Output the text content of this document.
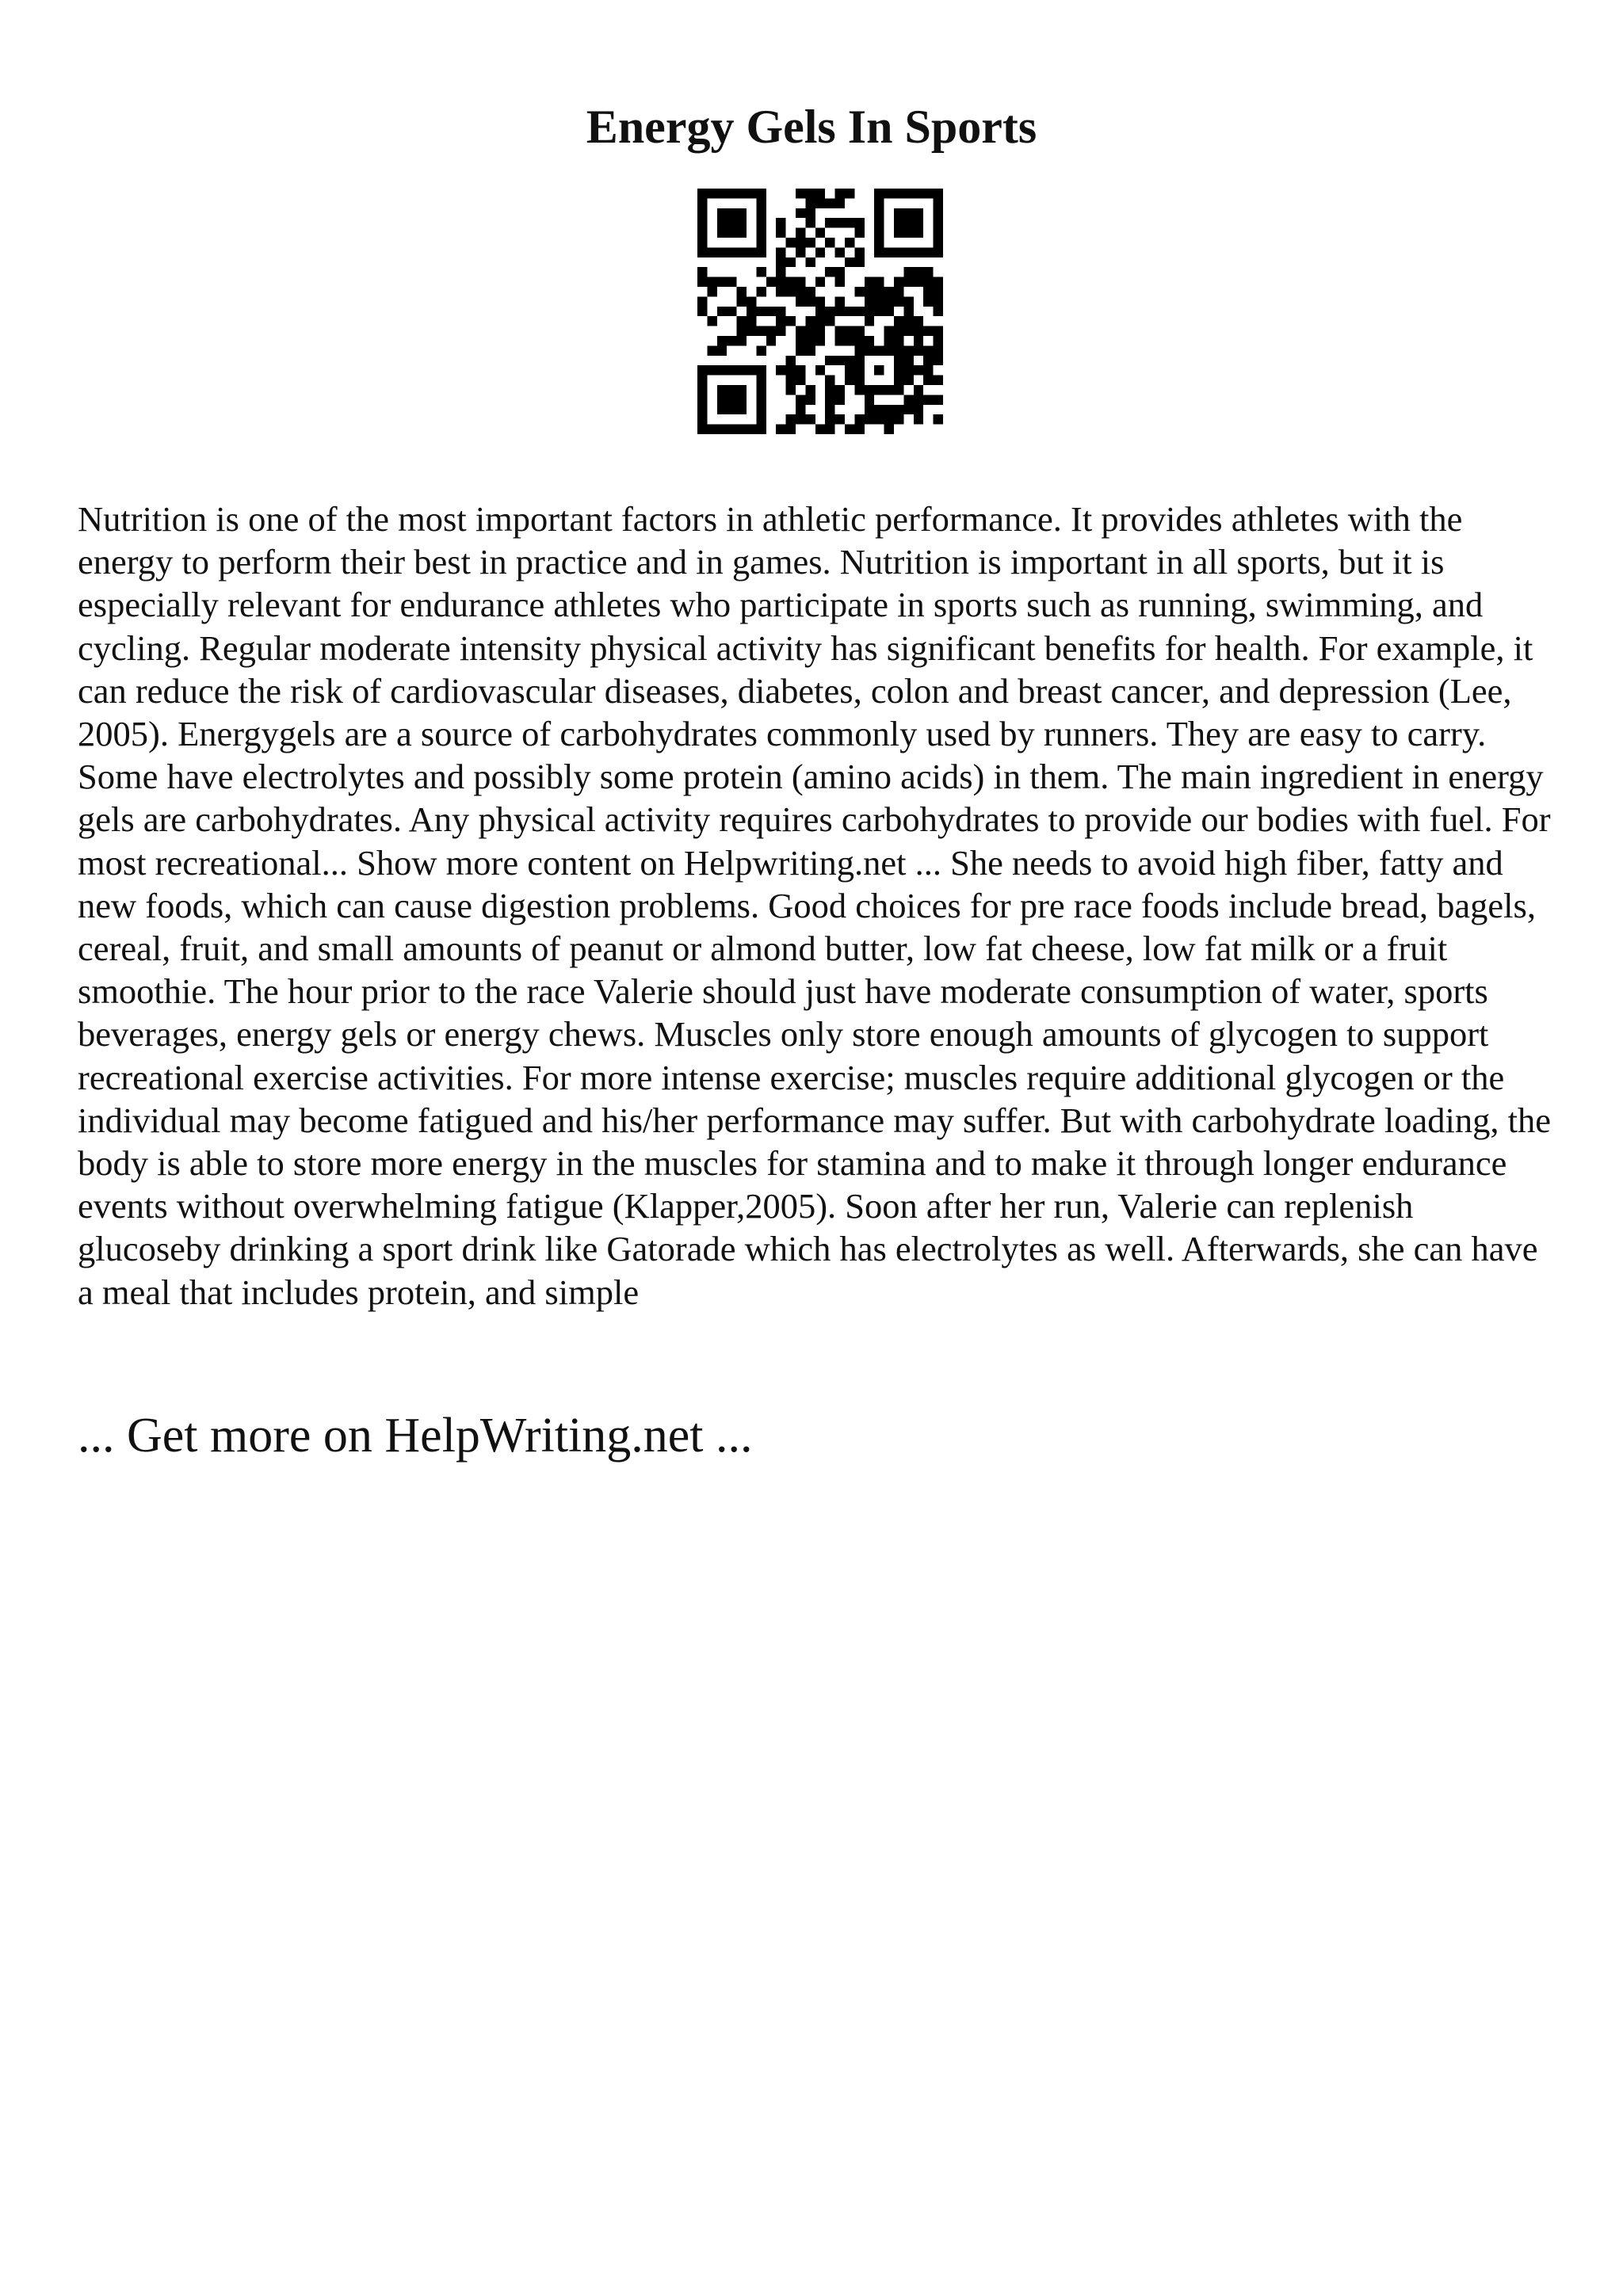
Energy Gels In Sports

Nutrition is one of the most important factors in athletic performance. It provides athletes with the energy to perform their best in practice and in games. Nutrition is important in all sports, but it is especially relevant for endurance athletes who participate in sports such as running, swimming, and cycling. Regular moderate intensity physical activity has significant benefits for health. For example, it can reduce the risk of cardiovascular diseases, diabetes, colon and breast cancer, and depression (Lee, 2005). Energygels are a source of carbohydrates commonly used by runners. They are easy to carry. Some have electrolytes and possibly some protein (amino acids) in them. The main ingredient in energy gels are carbohydrates. Any physical activity requires carbohydrates to provide our bodies with fuel. For most recreational... Show more content on Helpwriting.net ... She needs to avoid high fiber, fatty and new foods, which can cause digestion problems. Good choices for pre race foods include bread, bagels, cereal, fruit, and small amounts of peanut or almond butter, low fat cheese, low fat milk or a fruit smoothie. The hour prior to the race Valerie should just have moderate consumption of water, sports beverages, energy gels or energy chews. Muscles only store enough amounts of glycogen to support recreational exercise activities. For more intense exercise; muscles require additional glycogen or the individual may become fatigued and his/her performance may suffer. But with carbohydrate loading, the body is able to store more energy in the muscles for stamina and to make it through longer endurance events without overwhelming fatigue (Klapper,2005). Soon after her run, Valerie can replenish glucoseby drinking a sport drink like Gatorade which has electrolytes as well. Afterwards, she can have a meal that includes protein, and simple

... Get more on HelpWriting.net ...
